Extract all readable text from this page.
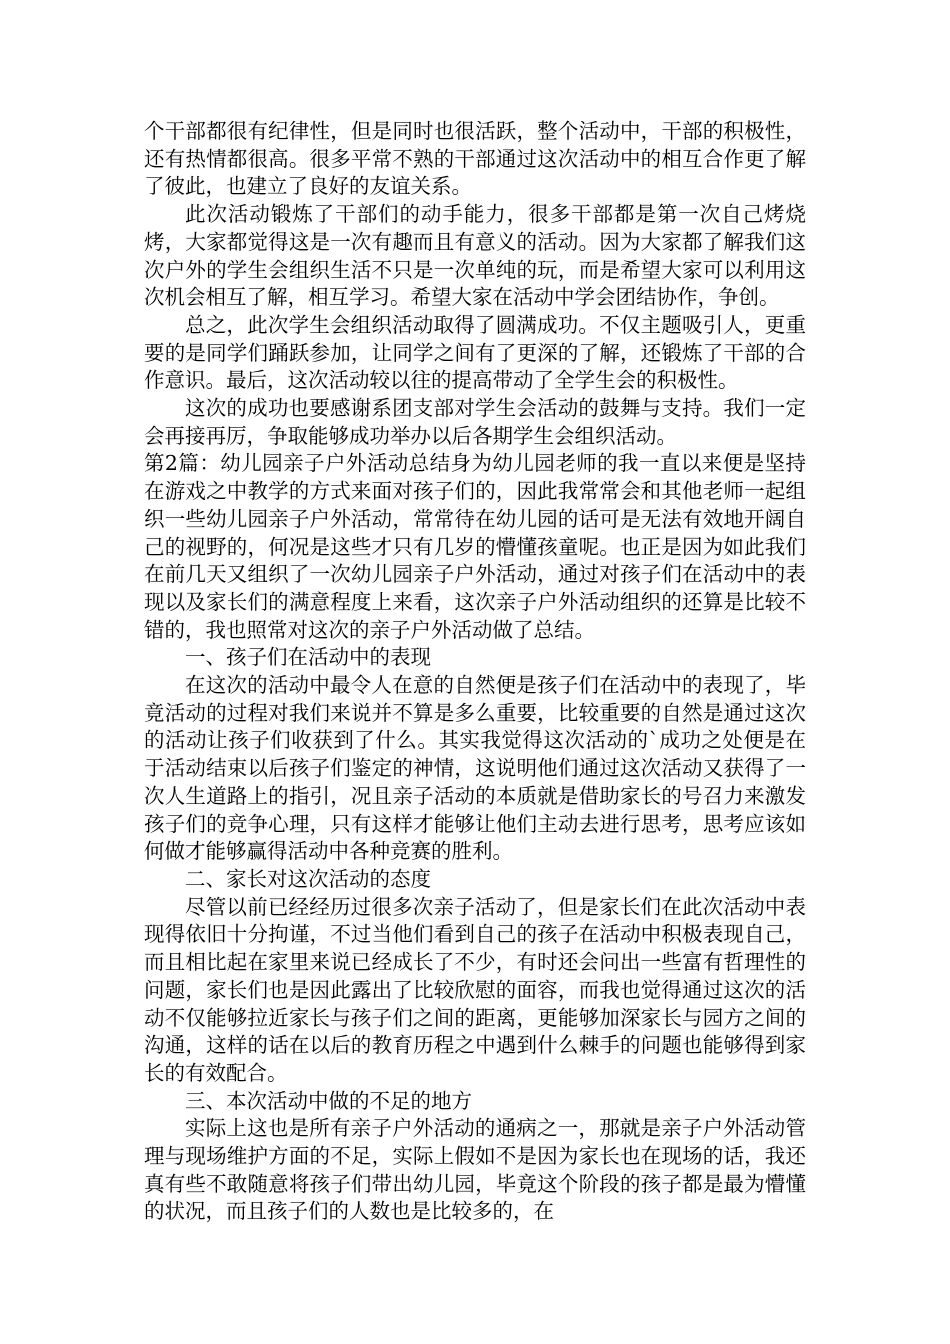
个干部都很有纪律性，但是同时也很活跃，整个活动中，干部的积极性，还有热情都很高。很多平常不熟的干部通过这次活动中的相互合作更了解了彼此，也建立了良好的友谊关系。

此次活动锻炼了干部们的动手能力，很多干部都是第一次自己烤烧烤，大家都觉得这是一次有趣而且有意义的活动。因为大家都了解我们这次户外的学生会组织生活不只是一次单纯的玩，而是希望大家可以利用这次机会相互了解，相互学习。希望大家在活动中学会团结协作，争创。

总之，此次学生会组织活动取得了圆满成功。不仅主题吸引人，更重要的是同学们踊跃参加，让同学之间有了更深的了解，还锻炼了干部的合作意识。最后，这次活动较以往的提高带动了全学生会的积极性。

这次的成功也要感谢系团支部对学生会活动的鼓舞与支持。我们一定会再接再厉，争取能够成功举办以后各期学生会组织活动。

第2篇：幼儿园亲子户外活动总结身为幼儿园老师的我一直以来便是坚持在游戏之中教学的方式来面对孩子们的，因此我常常会和其他老师一起组织一些幼儿园亲子户外活动，常常待在幼儿园的话可是无法有效地开阔自己的视野的，何况是这些才只有几岁的懵懂孩童呢。也正是因为如此我们在前几天又组织了一次幼儿园亲子户外活动，通过对孩子们在活动中的表现以及家长们的满意程度上来看，这次亲子户外活动组织的还算是比较不错的，我也照常对这次的亲子户外活动做了总结。

一、孩子们在活动中的表现

在这次的活动中最令人在意的自然便是孩子们在活动中的表现了，毕竟活动的过程对我们来说并不算是多么重要，比较重要的自然是通过这次的活动让孩子们收获到了什么。其实我觉得这次活动的`成功之处便是在于活动结束以后孩子们鉴定的神情，这说明他们通过这次活动又获得了一次人生道路上的指引，况且亲子活动的本质就是借助家长的号召力来激发孩子们的竞争心理，只有这样才能够让他们主动去进行思考，思考应该如何做才能够赢得活动中各种竞赛的胜利。

二、家长对这次活动的态度

尽管以前已经经历过很多次亲子活动了，但是家长们在此次活动中表现得依旧十分拘谨，不过当他们看到自己的孩子在活动中积极表现自己，而且相比起在家里来说已经成长了不少，有时还会问出一些富有哲理性的问题，家长们也是因此露出了比较欣慰的面容，而我也觉得通过这次的活动不仅能够拉近家长与孩子们之间的距离，更能够加深家长与园方之间的沟通，这样的话在以后的教育历程之中遇到什么棘手的问题也能够得到家长的有效配合。

三、本次活动中做的不足的地方

实际上这也是所有亲子户外活动的通病之一，那就是亲子户外活动管理与现场维护方面的不足，实际上假如不是因为家长也在现场的话，我还真有些不敢随意将孩子们带出幼儿园，毕竟这个阶段的孩子都是最为懵懂的状况，而且孩子们的人数也是比较多的，在
